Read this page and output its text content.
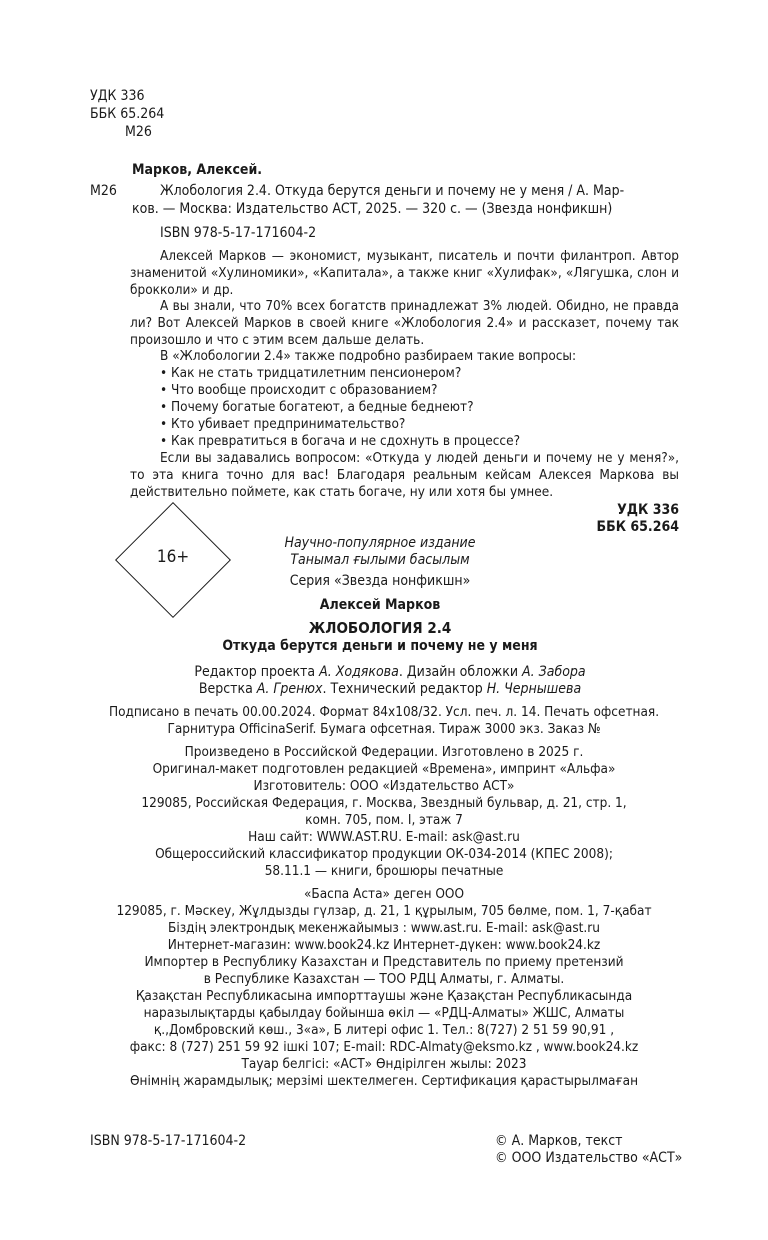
УДК 336
ББК 65.264
М26
Марков, Алексей.
М26	Жлобология 2.4. Откуда берутся деньги и почему не у меня / А. Мар-
ков. — Москва: Издательство АСТ, 2025. — 320 с. — (Звезда нонфикшн)
ISBN 978-5-17-171604-2
Алексей Марков — экономист, музыкант, писатель и почти филантроп. Автор знаменитой «Хулиномики», «Капитала», а также книг «Хулифак», «Лягушка, слон и брокколи» и др.
А вы знали, что 70% всех богатств принадлежат 3% людей. Обидно, не правда ли? Вот Алексей Марков в своей книге «Жлобология 2.4» и рассказет, почему так произошло и что с этим всем дальше делать.
В «Жлобологии 2.4» также подробно разбираем такие вопросы:
• Как не стать тридцатилетним пенсионером?
• Что вообще происходит с образованием?
• Почему богатые богатеют, а бедные беднеют?
• Кто убивает предпринимательство?
• Как превратиться в богача и не сдохнуть в процессе?
Если вы задавались вопросом: «Откуда у людей деньги и почему не у меня?», то эта книга точно для вас! Благодаря реальным кейсам Алексея Маркова вы действительно поймете, как стать богаче, ну или хотя бы умнее.
УДК 336
ББК 65.264
16+
Научно-популярное издание
Танымал ғылыми басылым
Серия «Звезда нонфикшн»
Алексей Марков
ЖЛОБОЛОГИЯ 2.4
Откуда берутся деньги и почему не у меня
Редактор проекта А. Ходякова. Дизайн обложки А. Забора
Верстка А. Гренюх. Технический редактор Н. Чернышева
Подписано в печать 00.00.2024. Формат 84x108/32. Усл. печ. л. 14. Печать офсетная.
Гарнитура OfficinaSerif. Бумага офсетная. Тираж 3000 экз. Заказ №
Произведено в Российской Федерации. Изготовлено в 2025 г.
Оригинал-макет подготовлен редакцией «Времена», импринт «Альфа»
Изготовитель: ООО «Издательство АСТ»
129085, Российская Федерация, г. Москва, Звездный бульвар, д. 21, стр. 1,
комн. 705, пом. I, этаж 7
Наш сайт: WWW.AST.RU. E-mail: ask@ast.ru
Общероссийский классификатор продукции ОК-034-2014 (КПЕС 2008);
58.11.1 — книги, брошюры печатные
«Баспа Аста» деген ООО
129085, г. Мәскеу, Жұлдызды гүлзар, д. 21, 1 құрылым, 705 бөлме, пом. 1, 7-қабат
Біздің электрондық мекенжайымыз : www.ast.ru. E-mail: ask@ast.ru
Интернет-магазин: www.book24.kz Интернет-дүкен: www.book24.kz
Импортер в Республику Казахстан и Представитель по приему претензий
в Республике Казахстан — ТОО РДЦ Алматы, г. Алматы.
Қазақстан Республикасына импорттаушы және Қазақстан Республикасында
наразылықтарды қабылдау бойынша өкіл — «РДЦ-Алматы» ЖШС, Алматы
қ.,Домбровский көш., 3«а», Б литері офис 1. Тел.: 8(727) 2 51 59 90,91 ,
факс: 8 (727) 251 59 92 ішкі 107; E-mail: RDC-Almaty@eksmo.kz , www.book24.kz
Тауар белгісі: «АСТ» Өндірілген жылы: 2023
Өнімнің жарамдылық; мерзімі шектелмеген. Сертификация қарастырылмаған
ISBN 978-5-17-171604-2	© А. Марков, текст
© ООО Издательство «АСТ»
